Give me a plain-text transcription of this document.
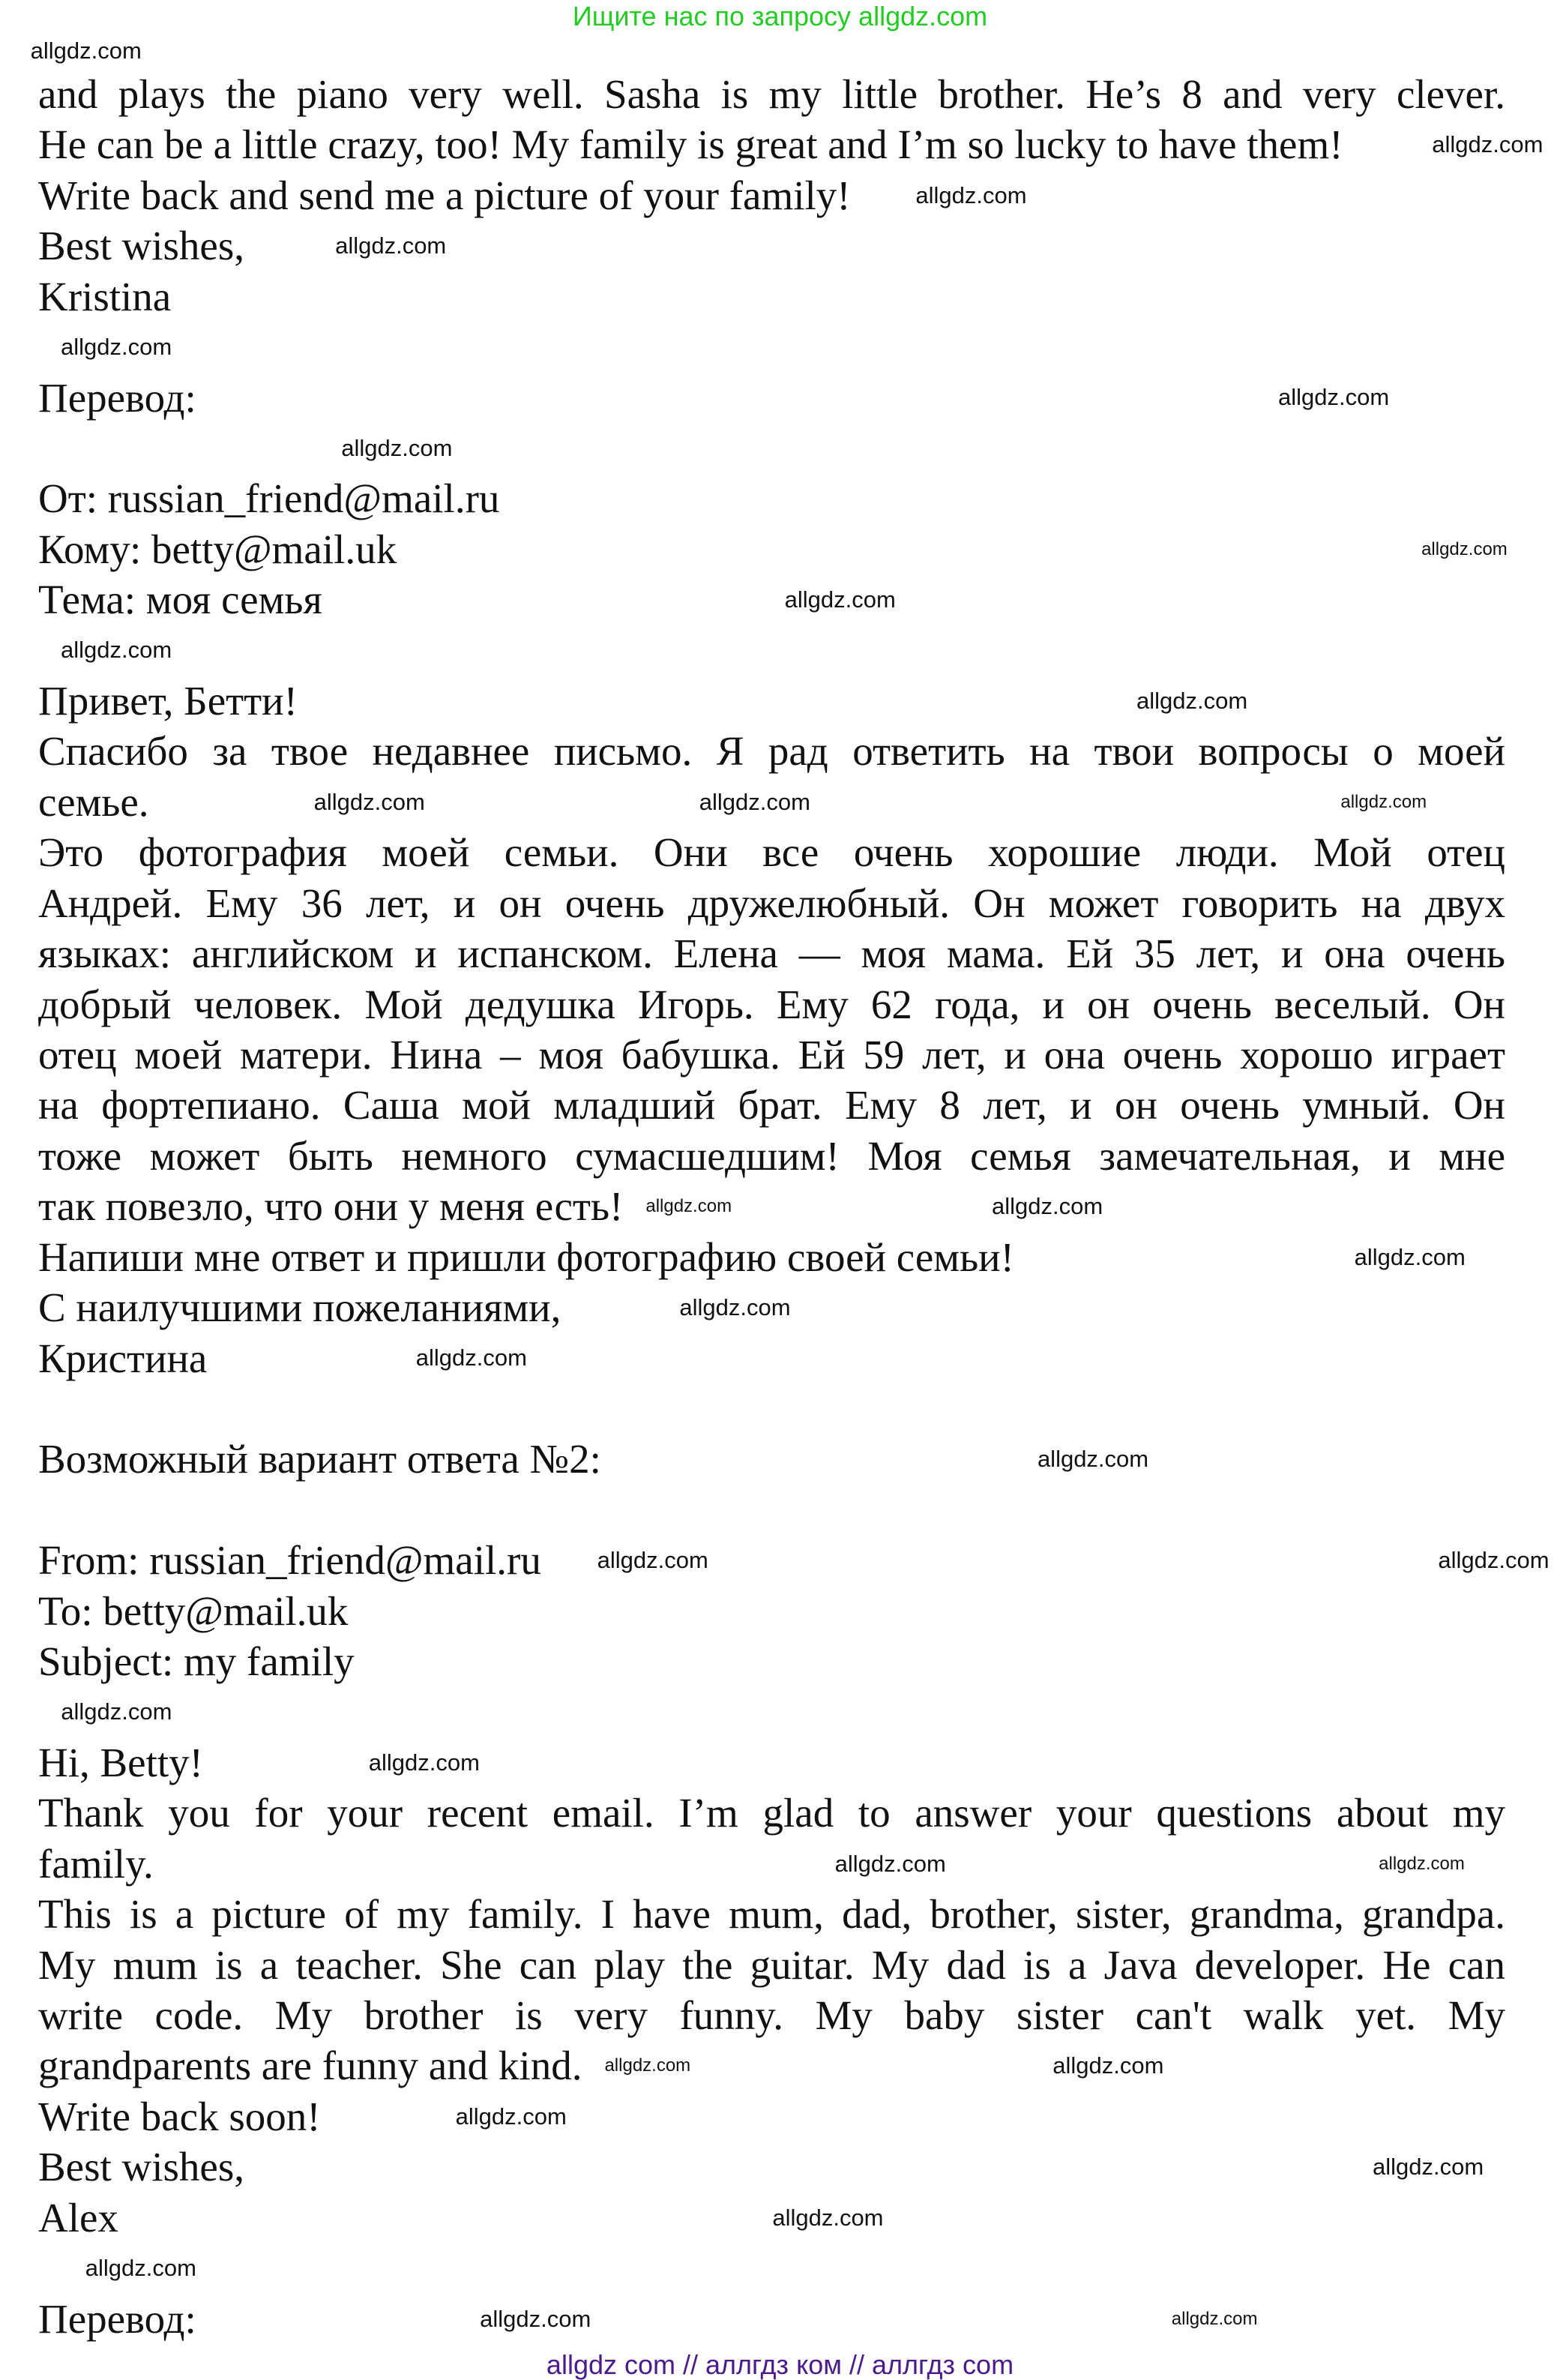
Ищите нас по запросу allgdz.com
and plays the piano very well. Sasha is my little brother. He’s 8 and very clever.
He can be a little crazy, too! My family is great and I’m so lucky to have them!
Write back and send me a picture of your family!
Best wishes,
Kristina
Перевод:
От: russian_friend@mail.ru
Кому: betty@mail.uk
Тема: моя семья
Привет, Бетти!
Спасибо за твое недавнее письмо. Я рад ответить на твои вопросы о моей
семье.
Это фотография моей семьи. Они все очень хорошие люди. Мой отец
Андрей. Ему 36 лет, и он очень дружелюбный. Он может говорить на двух
языках: английском и испанском. Елена — моя мама. Ей 35 лет, и она очень
добрый человек. Мой дедушка Игорь. Ему 62 года, и он очень веселый. Он
отец моей матери. Нина – моя бабушка. Ей 59 лет, и она очень хорошо играет
на фортепиано. Саша мой младший брат. Ему 8 лет, и он очень умный. Он
тоже может быть немного сумасшедшим! Моя семья замечательная, и мне
так повезло, что они у меня есть!
Напиши мне ответ и пришли фотографию своей семьи!
С наилучшими пожеланиями,
Кристина
Возможный вариант ответа №2:
From: russian_friend@mail.ru
To: betty@mail.uk
Subject: my family
Hi, Betty!
Thank you for your recent email. I’m glad to answer your questions about my
family.
This is a picture of my family. I have mum, dad, brother, sister, grandma, grandpa.
My mum is a teacher. She can play the guitar. My dad is a Java developer. He can
write code. My brother is very funny. My baby sister can't walk yet. My
grandparents are funny and kind.
Write back soon!
Best wishes,
Alex
Перевод:
allgdz.com
allgdz.com
allgdz.com
allgdz.com
allgdz.com
allgdz.com
allgdz.com
allgdz.com
allgdz.com
allgdz.com
allgdz.com
allgdz.com	allgdz.com	allgdz.com
allgdz.com	allgdz.com
allgdz.com
allgdz.com
allgdz.com
allgdz.com
allgdz.com
allgdz.com
allgdz.com
allgdz.com
allgdz.com
allgdz.com
allgdz.com	allgdz.com
allgdz.com
allgdz.com
allgdz.com
allgdz.com
allgdz.com	allgdz.com
allgdz com // аллгдз ком // аллгдз com
